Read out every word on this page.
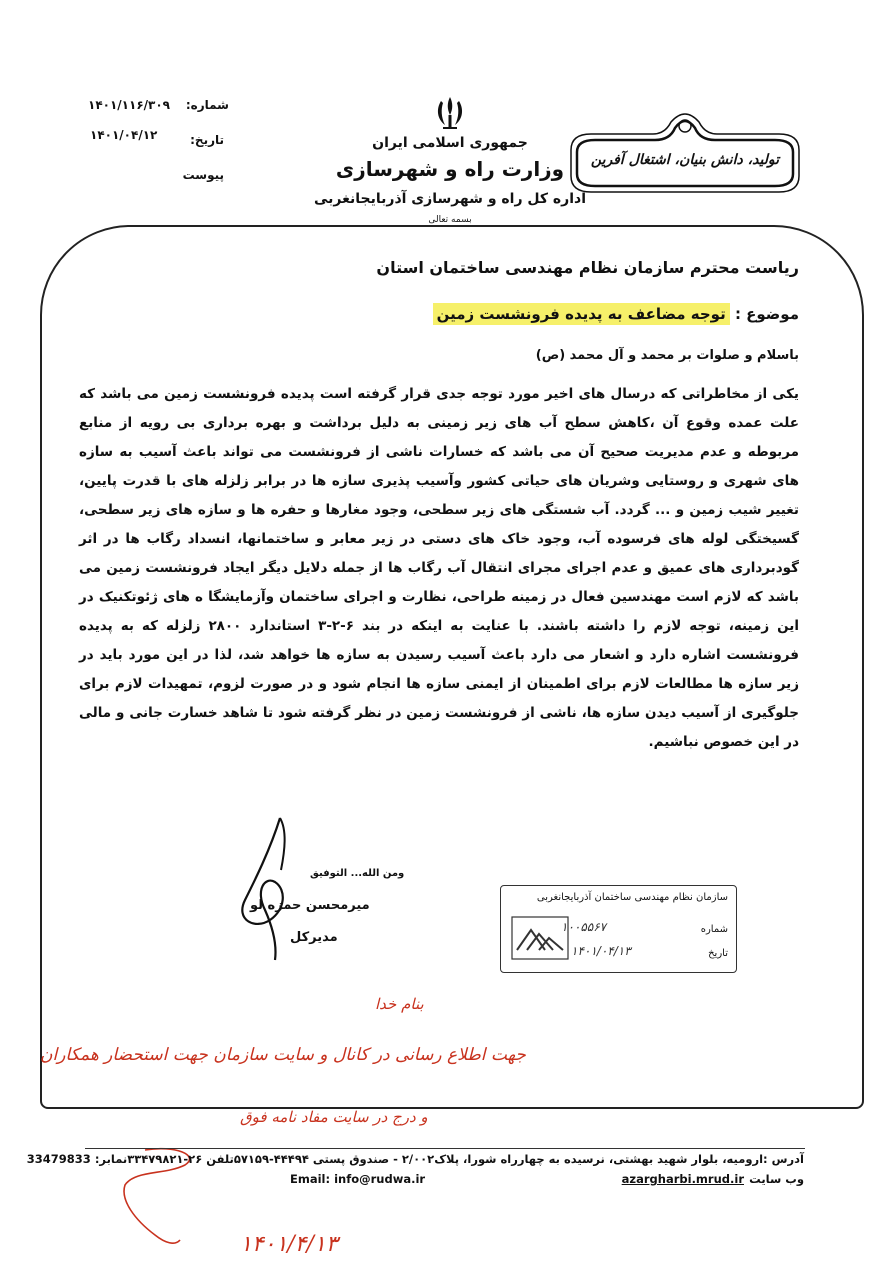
شماره:
۱۴۰۱/۱۱۶/۳۰۹
تاریخ:
۱۴۰۱/۰۴/۱۲
پیوست
جمهوری اسلامی ایران
وزارت راه و شهرسازی
اداره کل راه و شهرسازی آذربایجانغربی
بسمه تعالی
تولید، دانش بنیان، اشتغال آفرین
ریاست محترم سازمان نظام مهندسی ساختمان استان
موضوع : توجه مضاعف به پدیده فرونشست زمین
باسلام و صلوات بر محمد و آل محمد (ص)
یکی از مخاطراتی که درسال های اخیر مورد توجه جدی قرار گرفته است پدیده فرونشست زمین می باشد که علت عمده وقوع آن ،کاهش سطح آب های زیر زمینی به دلیل برداشت و بهره برداری بی رویه از منابع مربوطه و عدم مدیریت صحیح آن می باشد که خسارات ناشی از فرونشست می تواند باعث آسیب به سازه های شهری و روستایی وشریان های حیاتی کشور وآسیب پذیری سازه ها در برابر زلزله های با قدرت پایین، تغییر شیب زمین و ... گردد. آب شستگی های زیر سطحی، وجود مغارها و حفره ها و سازه های زیر سطحی، گسیختگی لوله های فرسوده آب، وجود خاک های دستی در زیر معابر و ساختمانها، انسداد رگاب ها در اثر گودبرداری های عمیق و عدم اجرای مجرای انتقال آب رگاب ها از جمله دلایل دیگر ایجاد فرونشست زمین می باشد که لازم است مهندسین فعال در زمینه طراحی، نظارت و اجرای ساختمان وآزمایشگا ه های ژئوتکنیک در این زمینه، توجه لازم را داشته باشند. با عنایت به اینکه در بند ۶-۲-۳ استاندارد ۲۸۰۰ زلزله که به پدیده فرونشست اشاره دارد و اشعار می دارد باعث آسیب رسیدن به سازه ها خواهد شد، لذا در این مورد باید در زیر سازه ها مطالعات لازم برای اطمینان از ایمنی سازه ها انجام شود و در صورت لزوم، تمهیدات لازم برای جلوگیری از آسیب دیدن سازه ها، ناشی از فرونشست زمین در نظر گرفته شود تا شاهد خسارت جانی و مالی در این خصوص نباشیم.
ومن الله... التوفیق
میرمحسن حمزه لو
مدیرکل
سازمان نظام مهندسی ساختمان آذربایجانغربی
شماره
تاریخ
۱۰۰۵۵۶۷
۱۴۰۱/۰۴/۱۳
بنام خدا
جهت اطلاع رسانی در کانال و سایت سازمان جهت استحضار همکاران
و درج در سایت مفاد نامه فوق
۱۴۰۱/۴/۱۳
آدرس :ارومیه، بلوار شهید بهشتی، نرسیده به چهارراه شورا، پلاک۲/۰۰۲ - صندوق پستی ۴۴۴۹۴-۵۷۱۵۹تلفن ۲۶-۳۳۴۷۹۸۲۱نمابر: 33479833
وب سایت
azargharbi.mrud.ir
Email: info@rudwa.ir
